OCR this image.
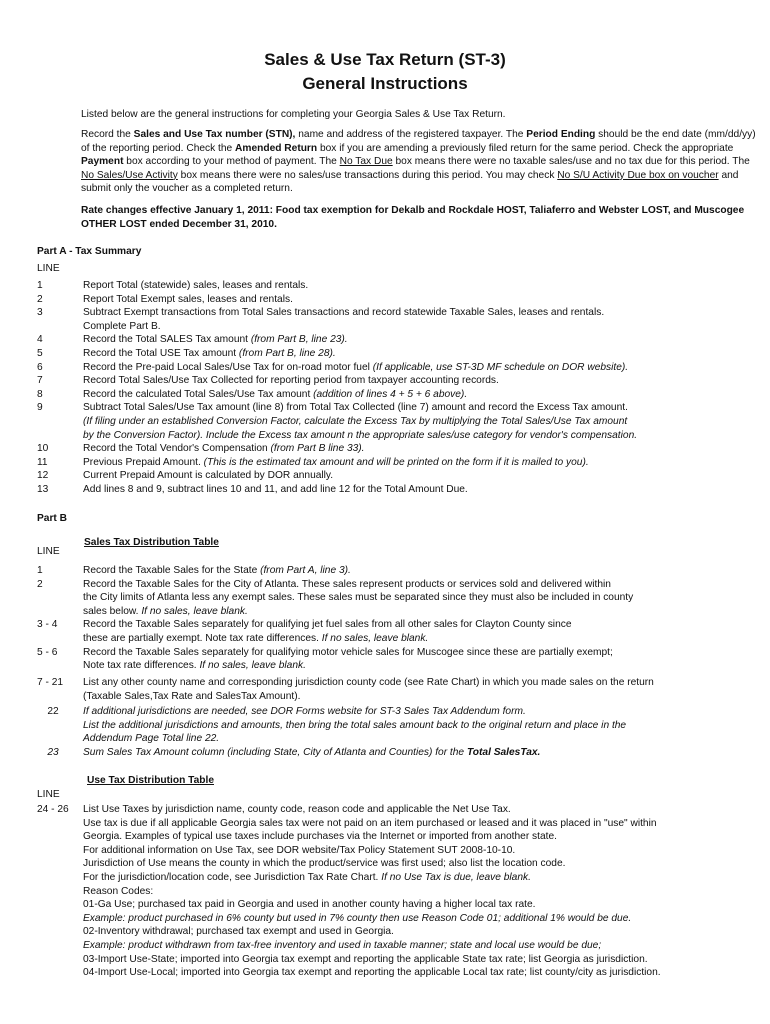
Sales & Use Tax Return (ST-3)
General Instructions

Listed below are the general instructions for completing your Georgia Sales & Use Tax Return.

Record the Sales and Use Tax number (STN), name and address of the registered taxpayer. The Period Ending should be the end date (mm/dd/yy) of the reporting period. Check the Amended Return box if you are amending a previously filed return for the same period. Check the appropriate Payment box according to your method of payment. The No Tax Due box means there were no taxable sales/use and no tax due for this period. The No Sales/Use Activity box means there were no sales/use transactions during this period. You may check No S/U Activity Due box on voucher and submit only the voucher as a completed return.

Rate changes effective January 1, 2011: Food tax exemption for Dekalb and Rockdale HOST, Taliaferro and Webster LOST, and Muscogee OTHER LOST ended December 31, 2010.

Part A - Tax Summary

LINE

1	Report Total (statewide) sales, leases and rentals.
2	Report Total Exempt sales, leases and rentals.
3	Subtract Exempt transactions from Total Sales transactions and record statewide Taxable Sales, leases and rentals.
Complete Part B.
4	Record the Total SALES Tax amount (from Part B, line 23).
5	Record the Total USE Tax amount (from Part B, line 28).
6	Record the Pre-paid Local Sales/Use Tax for on-road motor fuel (If applicable, use ST-3D MF schedule on DOR website).
7	Record Total Sales/Use Tax Collected for reporting period from taxpayer accounting records.
8	Record the calculated Total Sales/Use Tax amount (addition of lines 4 + 5 + 6 above).
9	Subtract Total Sales/Use Tax amount (line 8) from Total Tax Collected (line 7) amount and record the Excess Tax amount.
(If filing under an established Conversion Factor, calculate the Excess Tax by multiplying the Total Sales/Use Tax amount
by the Conversion Factor). Include the Excess tax amount n the appropriate sales/use category for vendor's compensation.
10	Record the Total Vendor's Compensation (from Part B line 33).
11	Previous Prepaid Amount. (This is the estimated tax amount and will be printed on the form if it is mailed to you).
12	Current Prepaid Amount is calculated by DOR annually.
13	Add lines 8 and 9, subtract lines 10 and 11, and add line 12 for the Total Amount Due.

Part B

Sales Tax Distribution Table

LINE

1	Record the Taxable Sales for the State (from Part A, line 3).
2	Record the Taxable Sales for the City of Atlanta. These sales represent products or services sold and delivered within
the City limits of Atlanta less any exempt sales. These sales must be separated since they must also be included in county
sales below. If no sales, leave blank.
3 - 4	Record the Taxable Sales separately for qualifying jet fuel sales from all other sales for Clayton County since
these are partially exempt. Note tax rate differences. If no sales, leave blank.
5 - 6	Record the Taxable Sales separately for qualifying motor vehicle sales for Muscogee since these are partially exempt;
Note tax rate differences. If no sales, leave blank.
7 - 21	List any other county name and corresponding jurisdiction county code (see Rate Chart) in which you made sales on the return
(Taxable Sales,Tax Rate and SalesTax Amount).
22	If additional jurisdictions are needed, see DOR Forms website for ST-3 Sales Tax Addendum form.
List the additional jurisdictions and amounts, then bring the total sales amount back to the original return and place in the
Addendum Page Total line 22.
23	Sum Sales Tax Amount column (including State, City of Atlanta and Counties) for the Total SalesTax.

Use Tax Distribution Table

LINE

24 - 26	List Use Taxes by jurisdiction name, county code, reason code and applicable the Net Use Tax.
Use tax is due if all applicable Georgia sales tax were not paid on an item purchased or leased and it was placed in "use" within
Georgia. Examples of typical use taxes include purchases via the Internet or imported from another state.
For additional information on Use Tax, see DOR website/Tax Policy Statement SUT 2008-10-10.
Jurisdiction of Use means the county in which the product/service was first used; also list the location code.
For the jurisdiction/location code, see Jurisdiction Tax Rate Chart. If no Use Tax is due, leave blank.
Reason Codes:
01-Ga Use; purchased tax paid in Georgia and used in another county having a higher local tax rate.
Example: product purchased in 6% county but used in 7% county then use Reason Code 01; additional 1% would be due.
02-Inventory withdrawal; purchased tax exempt and used in Georgia.
Example: product withdrawn from tax-free inventory and used in taxable manner; state and local use would be due;
03-Import Use-State; imported into Georgia tax exempt and reporting the applicable State tax rate; list Georgia as jurisdiction.
04-Import Use-Local; imported into Georgia tax exempt and reporting the applicable Local tax rate; list county/city as jurisdiction.
